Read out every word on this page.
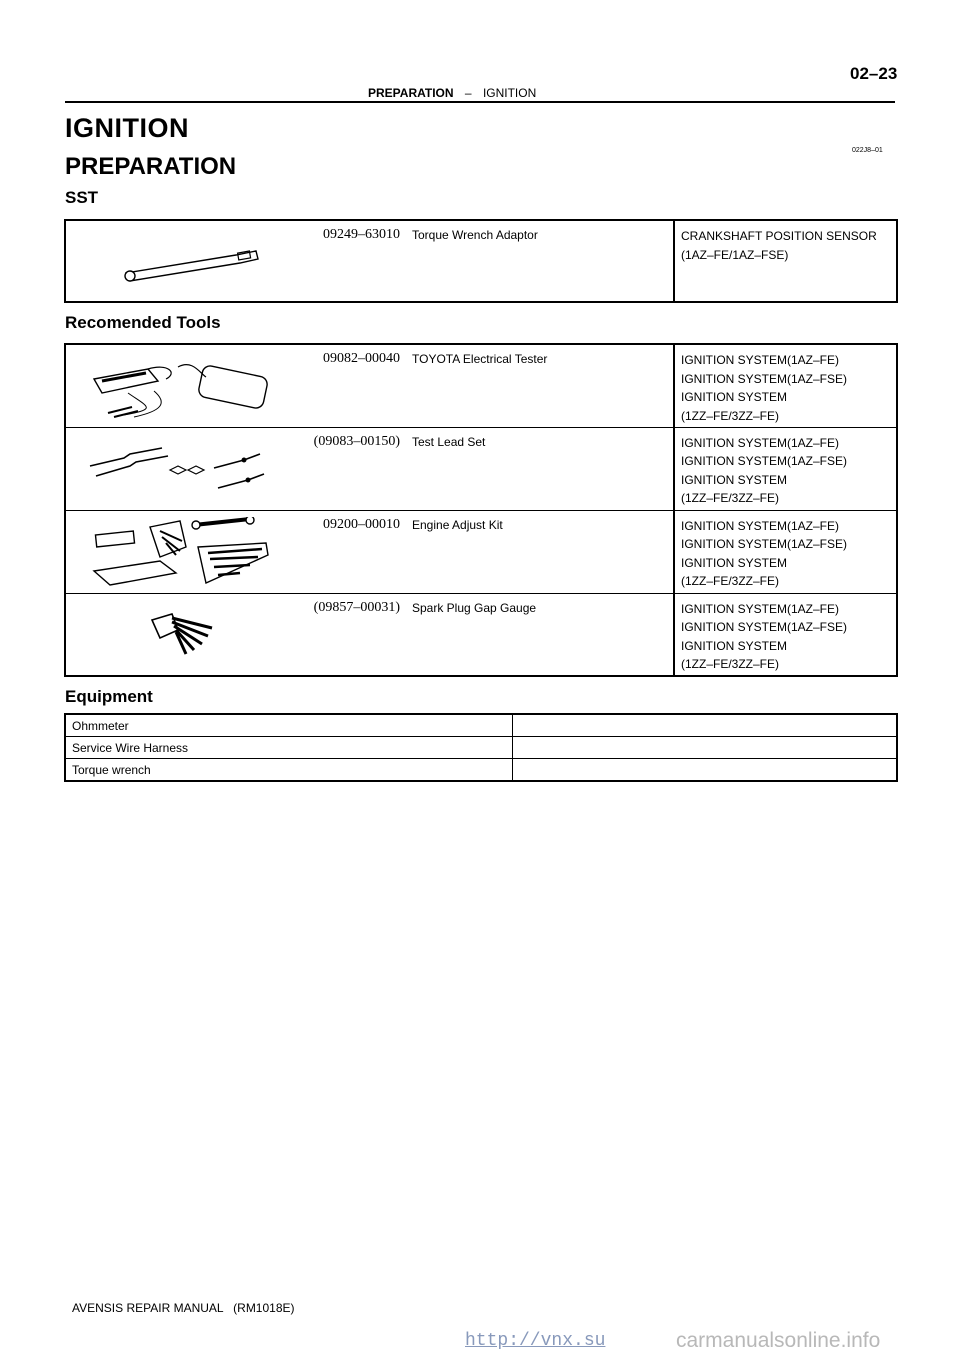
02–23
PREPARATION – IGNITION
IGNITION
PREPARATION
022J8–01
SST
09249–63010	Torque Wrench Adaptor	CRANKSHAFT POSITION SENSOR
(1AZ–FE/1AZ–FSE)
Recomended Tools
09082–00040	TOYOTA Electrical Tester	IGNITION SYSTEM(1AZ–FE)
IGNITION SYSTEM(1AZ–FSE)
IGNITION SYSTEM
(1ZZ–FE/3ZZ–FE)

(09083–00150)	Test Lead Set	IGNITION SYSTEM(1AZ–FE)
IGNITION SYSTEM(1AZ–FSE)
IGNITION SYSTEM
(1ZZ–FE/3ZZ–FE)

09200–00010	Engine Adjust Kit	IGNITION SYSTEM(1AZ–FE)
IGNITION SYSTEM(1AZ–FSE)
IGNITION SYSTEM
(1ZZ–FE/3ZZ–FE)

(09857–00031)	Spark Plug Gap Gauge	IGNITION SYSTEM(1AZ–FE)
IGNITION SYSTEM(1AZ–FSE)
IGNITION SYSTEM
(1ZZ–FE/3ZZ–FE)
Equipment
Ohmmeter	
Service Wire Harness	
Torque wrench	
AVENSIS REPAIR MANUAL   (RM1018E)
http://vnx.su	carmanualsonline.info
